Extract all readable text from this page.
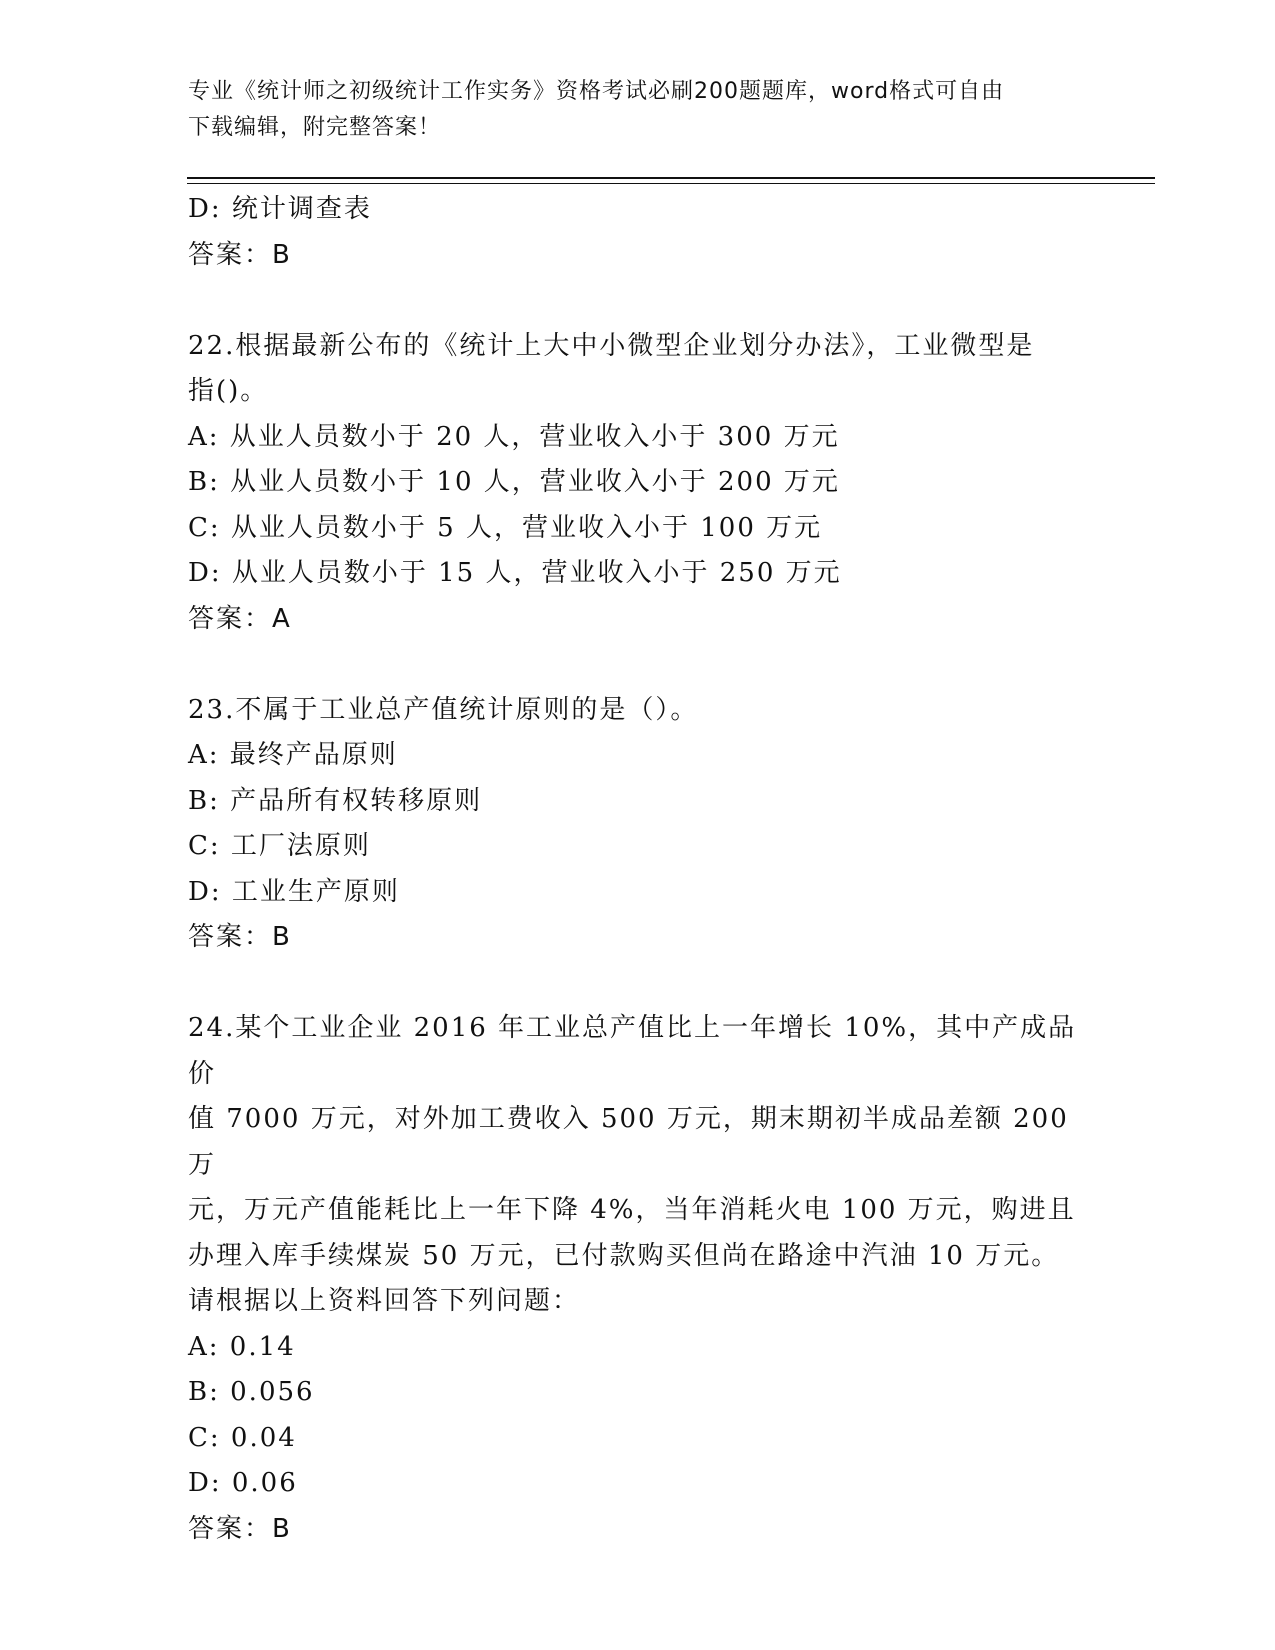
专业《统计师之初级统计工作实务》资格考试必刷200题题库，word格式可自由
下载编辑，附完整答案！
D: 统计调查表
答案：B
22.根据最新公布的《统计上大中小微型企业划分办法》，工业微型是
指()。
A: 从业人员数小于 20 人，营业收入小于 300 万元
B: 从业人员数小于 10 人，营业收入小于 200 万元
C: 从业人员数小于 5 人，营业收入小于 100 万元
D: 从业人员数小于 15 人，营业收入小于 250 万元
答案：A
23.不属于工业总产值统计原则的是（）。
A: 最终产品原则
B: 产品所有权转移原则
C: 工厂法原则
D: 工业生产原则
答案：B
24.某个工业企业 2016 年工业总产值比上一年增长 10%，其中产成品价
值 7000 万元，对外加工费收入 500 万元，期末期初半成品差额 200 万
元，万元产值能耗比上一年下降 4%，当年消耗火电 100 万元，购进且
办理入库手续煤炭 50 万元，已付款购买但尚在路途中汽油 10 万元。
请根据以上资料回答下列问题：
A: 0.14
B: 0.056
C: 0.04
D: 0.06
答案：B
